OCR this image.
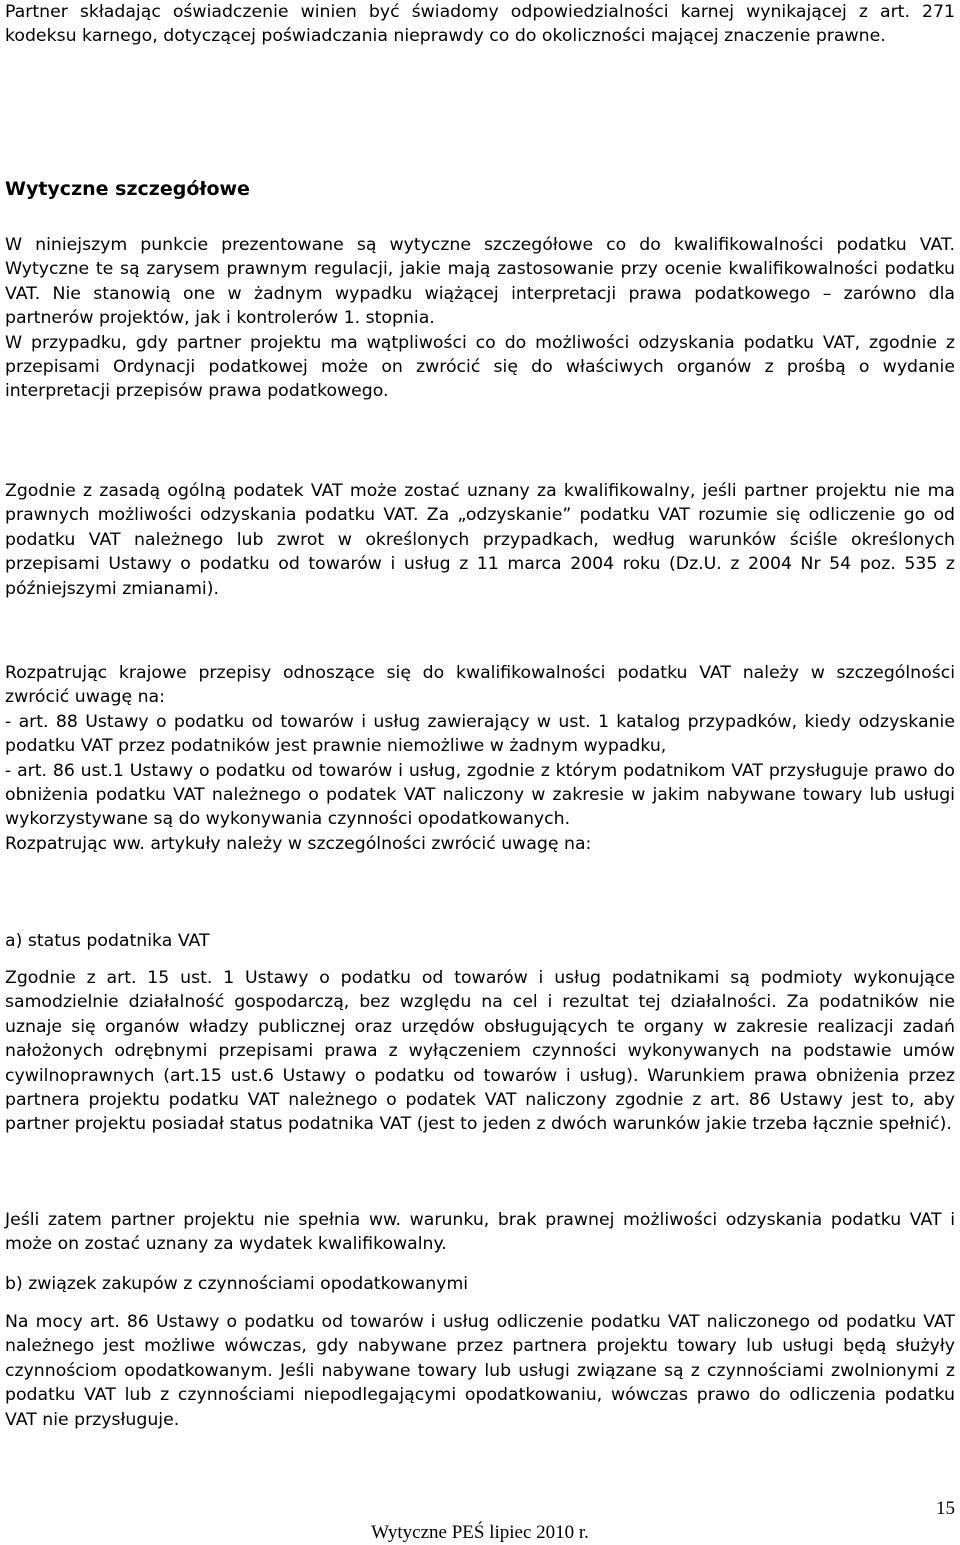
Partner składając oświadczenie winien być świadomy odpowiedzialności karnej wynikającej z art. 271 kodeksu karnego, dotyczącej poświadczania nieprawdy co do okoliczności mającej znaczenie prawne.

Wytyczne szczegółowe
W niniejszym punkcie prezentowane są wytyczne szczegółowe co do kwalifikowalności podatku VAT. Wytyczne te są zarysem prawnym regulacji, jakie mają zastosowanie przy ocenie kwalifikowalności podatku VAT. Nie stanowią one w żadnym wypadku wiążącej interpretacji prawa podatkowego – zarówno dla partnerów projektów, jak i kontrolerów 1. stopnia.
W przypadku, gdy partner projektu ma wątpliwości co do możliwości odzyskania podatku VAT, zgodnie z przepisami Ordynacji podatkowej może on zwrócić się do właściwych organów z prośbą o wydanie interpretacji przepisów prawa podatkowego.

Zgodnie z zasadą ogólną podatek VAT może zostać uznany za kwalifikowalny, jeśli partner projektu nie ma prawnych możliwości odzyskania podatku VAT. Za „odzyskanie” podatku VAT rozumie się odliczenie go od podatku VAT należnego lub zwrot w określonych przypadkach, według warunków ściśle określonych przepisami Ustawy o podatku od towarów i usług z 11 marca 2004 roku (Dz.U. z 2004 Nr 54 poz. 535 z późniejszymi zmianami).

Rozpatrując krajowe przepisy odnoszące się do kwalifikowalności podatku VAT należy w szczególności zwrócić uwagę na:
- art. 88 Ustawy o podatku od towarów i usług zawierający w ust. 1 katalog przypadków, kiedy odzyskanie podatku VAT przez podatników jest prawnie niemożliwe w żadnym wypadku,
- art. 86 ust.1 Ustawy o podatku od towarów i usług, zgodnie z którym podatnikom VAT przysługuje prawo do obniżenia podatku VAT należnego o podatek VAT naliczony w zakresie w jakim nabywane towary lub usługi wykorzystywane są do wykonywania czynności opodatkowanych.
Rozpatrując ww. artykuły należy w szczególności zwrócić uwagę na:

a) status podatnika VAT

Zgodnie z art. 15 ust. 1 Ustawy o podatku od towarów i usług podatnikami są podmioty wykonujące samodzielnie działalność gospodarczą, bez względu na cel i rezultat tej działalności. Za podatników nie uznaje się organów władzy publicznej oraz urzędów obsługujących te organy w zakresie realizacji zadań nałożonych odrębnymi przepisami prawa z wyłączeniem czynności wykonywanych na podstawie umów cywilnoprawnych (art.15 ust.6 Ustawy o podatku od towarów i usług). Warunkiem prawa obniżenia przez partnera projektu podatku VAT należnego o podatek VAT naliczony zgodnie z art. 86 Ustawy jest to, aby partner projektu posiadał status podatnika VAT (jest to jeden z dwóch warunków jakie trzeba łącznie spełnić).

Jeśli zatem partner projektu nie spełnia ww. warunku, brak prawnej możliwości odzyskania podatku VAT i może on zostać uznany za wydatek kwalifikowalny.

b) związek zakupów z czynnościami opodatkowanymi

Na mocy art. 86 Ustawy o podatku od towarów i usług odliczenie podatku VAT naliczonego od podatku VAT należnego jest możliwe wówczas, gdy nabywane przez partnera projektu towary lub usługi będą służyły czynnościom opodatkowanym. Jeśli nabywane towary lub usługi związane są z czynnościami zwolnionymi z podatku VAT lub z czynnościami niepodlegającymi opodatkowaniu, wówczas prawo do odliczenia podatku VAT nie przysługuje.

15
Wytyczne PEŚ lipiec 2010 r.
